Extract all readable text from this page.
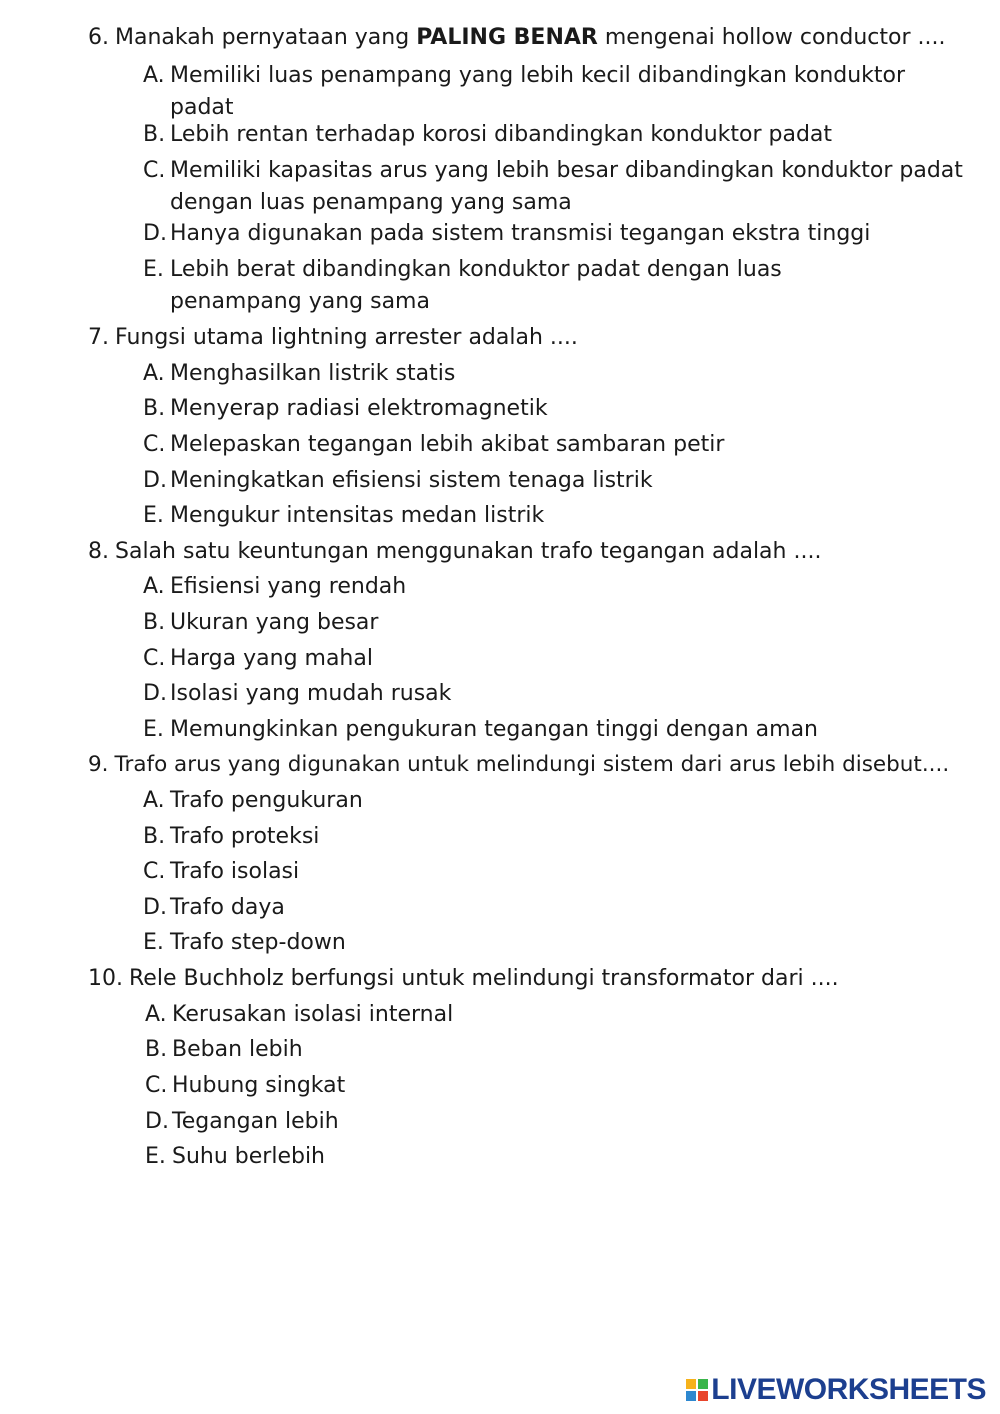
6. Manakah pernyataan yang PALING BENAR mengenai hollow conductor ....
A. Memiliki luas penampang yang lebih kecil dibandingkan konduktor padat
B. Lebih rentan terhadap korosi dibandingkan konduktor padat
C. Memiliki kapasitas arus yang lebih besar dibandingkan konduktor padat dengan luas penampang yang sama
D. Hanya digunakan pada sistem transmisi tegangan ekstra tinggi
E. Lebih berat dibandingkan konduktor padat dengan luas penampang yang sama
7. Fungsi utama lightning arrester adalah ....
A. Menghasilkan listrik statis
B. Menyerap radiasi elektromagnetik
C. Melepaskan tegangan lebih akibat sambaran petir
D. Meningkatkan efisiensi sistem tenaga listrik
E. Mengukur intensitas medan listrik
8. Salah satu keuntungan menggunakan trafo tegangan adalah ....
A. Efisiensi yang rendah
B. Ukuran yang besar
C. Harga yang mahal
D. Isolasi yang mudah rusak
E. Memungkinkan pengukuran tegangan tinggi dengan aman
9. Trafo arus yang digunakan untuk melindungi sistem dari arus lebih disebut....
A. Trafo pengukuran
B. Trafo proteksi
C. Trafo isolasi
D. Trafo daya
E. Trafo step-down
10. Rele Buchholz berfungsi untuk melindungi transformator dari ....
A. Kerusakan isolasi internal
B. Beban lebih
C. Hubung singkat
D. Tegangan lebih
E. Suhu berlebih
LIVEWORKSHEETS
